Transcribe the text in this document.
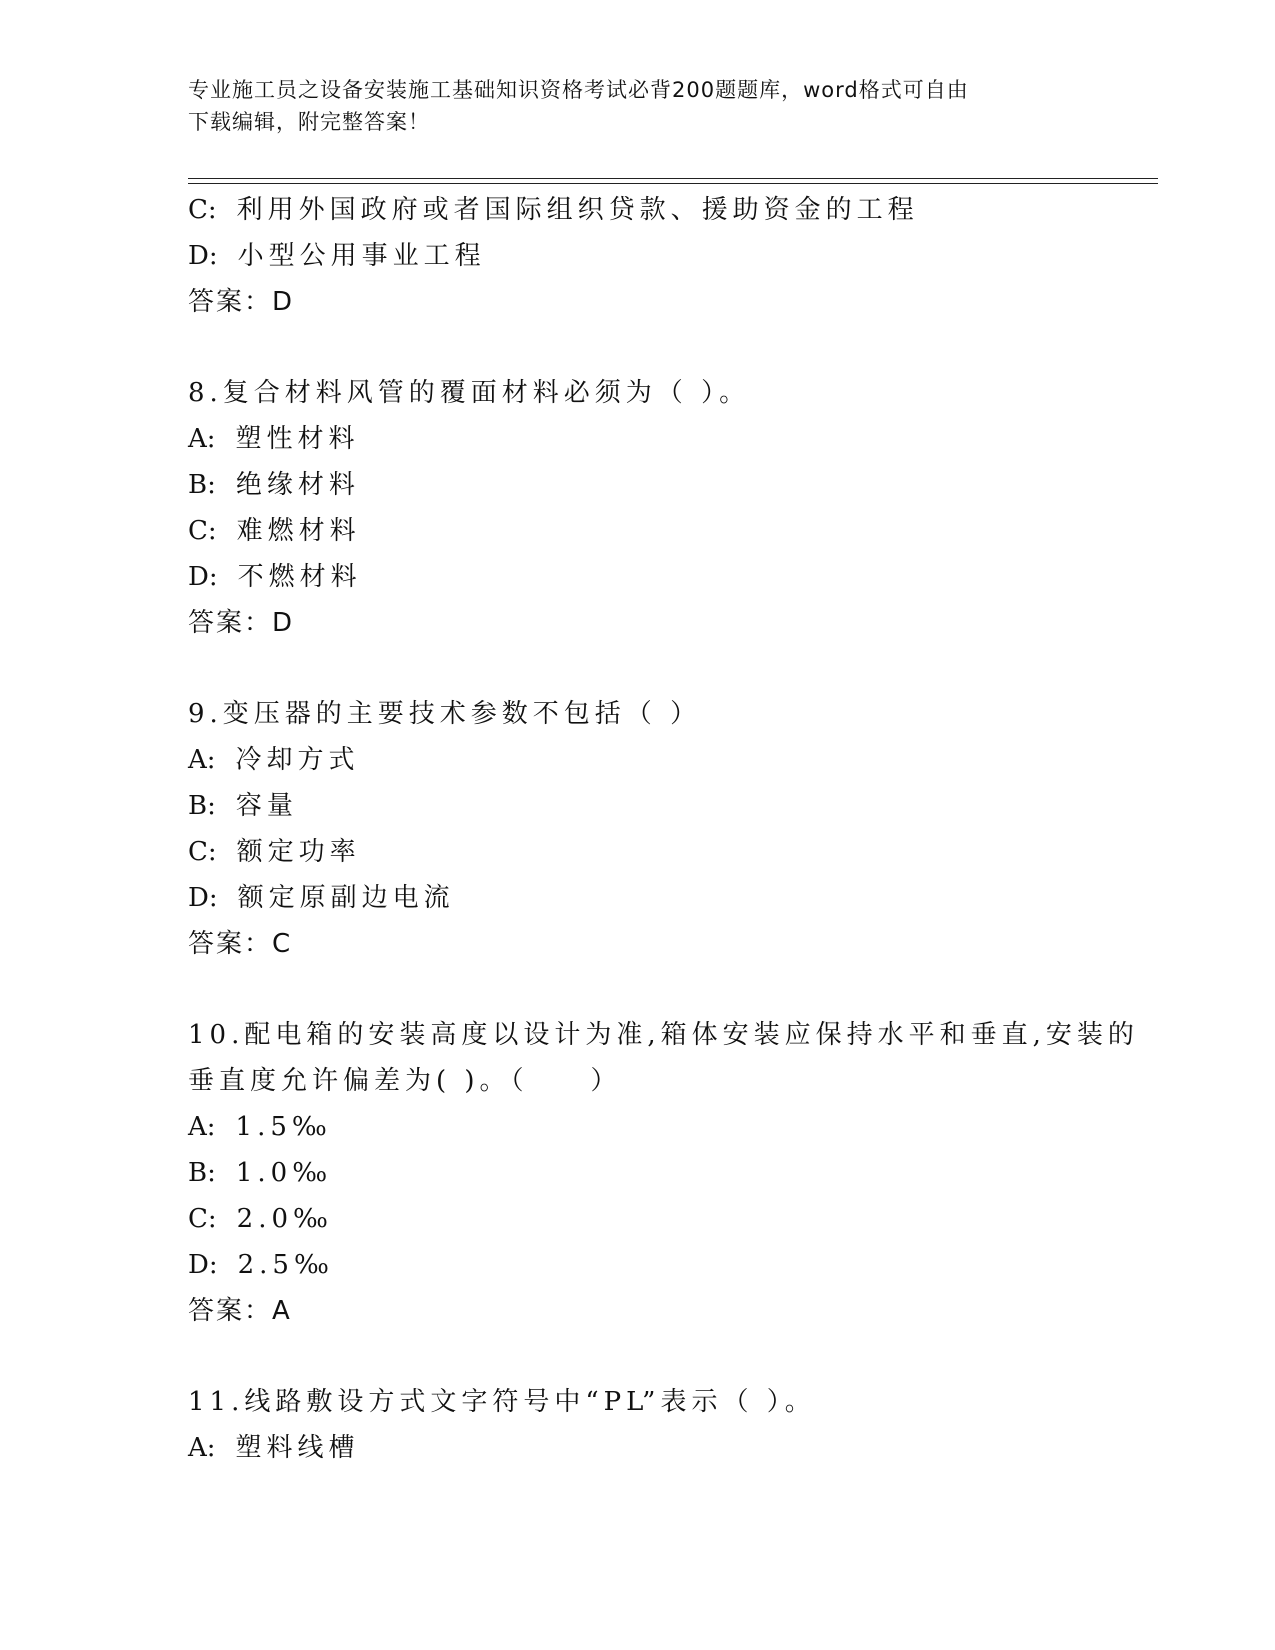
专业施工员之设备安装施工基础知识资格考试必背200题题库，word格式可自由

下载编辑，附完整答案！

C: 利用外国政府或者国际组织贷款、援助资金的工程
D: 小型公用事业工程
答案：D
8.复合材料风管的覆面材料必须为（ ）。
A: 塑性材料
B: 绝缘材料
C: 难燃材料
D: 不燃材料
答案：D
9.变压器的主要技术参数不包括（ ）
A: 冷却方式
B: 容量
C: 额定功率
D: 额定原副边电流
答案：C
10.配电箱的安装高度以设计为准,箱体安装应保持水平和垂直,安装的
垂直度允许偏差为( )。（　　）
A: 1.5‰
B: 1.0‰
C: 2.0‰
D: 2.5‰
答案：A
11.线路敷设方式文字符号中“PL”表示（ ）。
A: 塑料线槽
